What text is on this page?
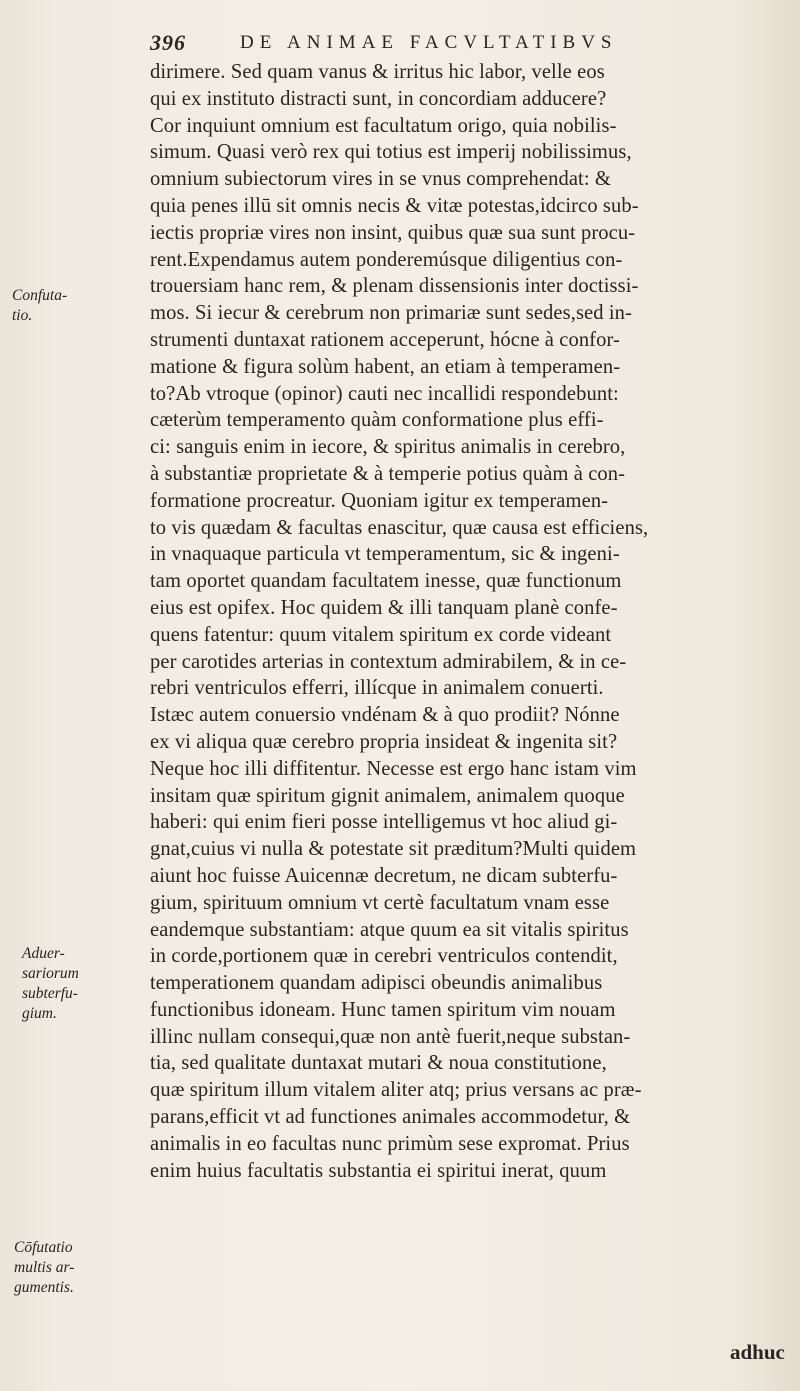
396	DE ANIMAE FACVLTATIBVS
dirimere. Sed quam vanus & irritus hic labor, velle eos
qui ex instituto distracti sunt, in concordiam adducere?
Cor inquiunt omnium est facultatum origo, quia nobilis-
simum. Quasi verò rex qui totius est imperij nobilissimus,
omnium subiectorum vires in se vnus comprehendat: &
quia penes illū sit omnis necis & vitæ potestas,idcirco sub-
iectis propriæ vires non insint, quibus quæ sua sunt procu-
rent.Expendamus autem ponderemúsque diligentius con-
trouersiam hanc rem, & plenam dissensionis inter doctissi-
mos. Si iecur & cerebrum non primariæ sunt sedes,sed in-
strumenti duntaxat rationem acceperunt, hócne à confor-
matione & figura solùm habent, an etiam à temperamen-
to?Ab vtroque (opinor) cauti nec incallidi respondebunt:
cæterùm temperamento quàm conformatione plus effi-
ci: sanguis enim in iecore, & spiritus animalis in cerebro,
à substantiæ proprietate & à temperie potius quàm à con-
formatione procreatur. Quoniam igitur ex temperamen-
to vis quædam & facultas enascitur, quæ causa est efficiens,
in vnaquaque particula vt temperamentum, sic & ingeni-
tam oportet quandam facultatem inesse, quæ functionum
eius est opifex. Hoc quidem & illi tanquam planè confe-
quens fatentur: quum vitalem spiritum ex corde videant
per carotides arterias in contextum admirabilem, & in ce-
rebri ventriculos efferri, illícque in animalem conuerti.
Istæc autem conuersio vndénam & à quo prodiit? Nónne
ex vi aliqua quæ cerebro propria insideat & ingenita sit?
Neque hoc illi diffitentur. Necesse est ergo hanc istam vim
insitam quæ spiritum gignit animalem, animalem quoque
haberi: qui enim fieri posse intelligemus vt hoc aliud gi-
gnat,cuius vi nulla & potestate sit præditum?Multi quidem
aiunt hoc fuisse Auicennæ decretum, ne dicam subterfu-
gium, spirituum omnium vt certè facultatum vnam esse
eandemque substantiam: atque quum ea sit vitalis spiritus
in corde,portionem quæ in cerebri ventriculos contendit,
temperationem quandam adipisci obeundis animalibus
functionibus idoneam. Hunc tamen spiritum vim nouam
illinc nullam consequi,quæ non antè fuerit,neque substan-
tia, sed qualitate duntaxat mutari & noua constitutione,
quæ spiritum illum vitalem aliter atq; prius versans ac præ-
parans,efficit vt ad functiones animales accommodetur, &
animalis in eo facultas nunc primùm sese expromat. Prius
enim huius facultatis substantia ei spiritui inerat, quum
Confuta-
tio.
Aduer-
sariorum
subterfu-
gium.
Cōfutatio
multis ar-
gumentis.
adhuc
